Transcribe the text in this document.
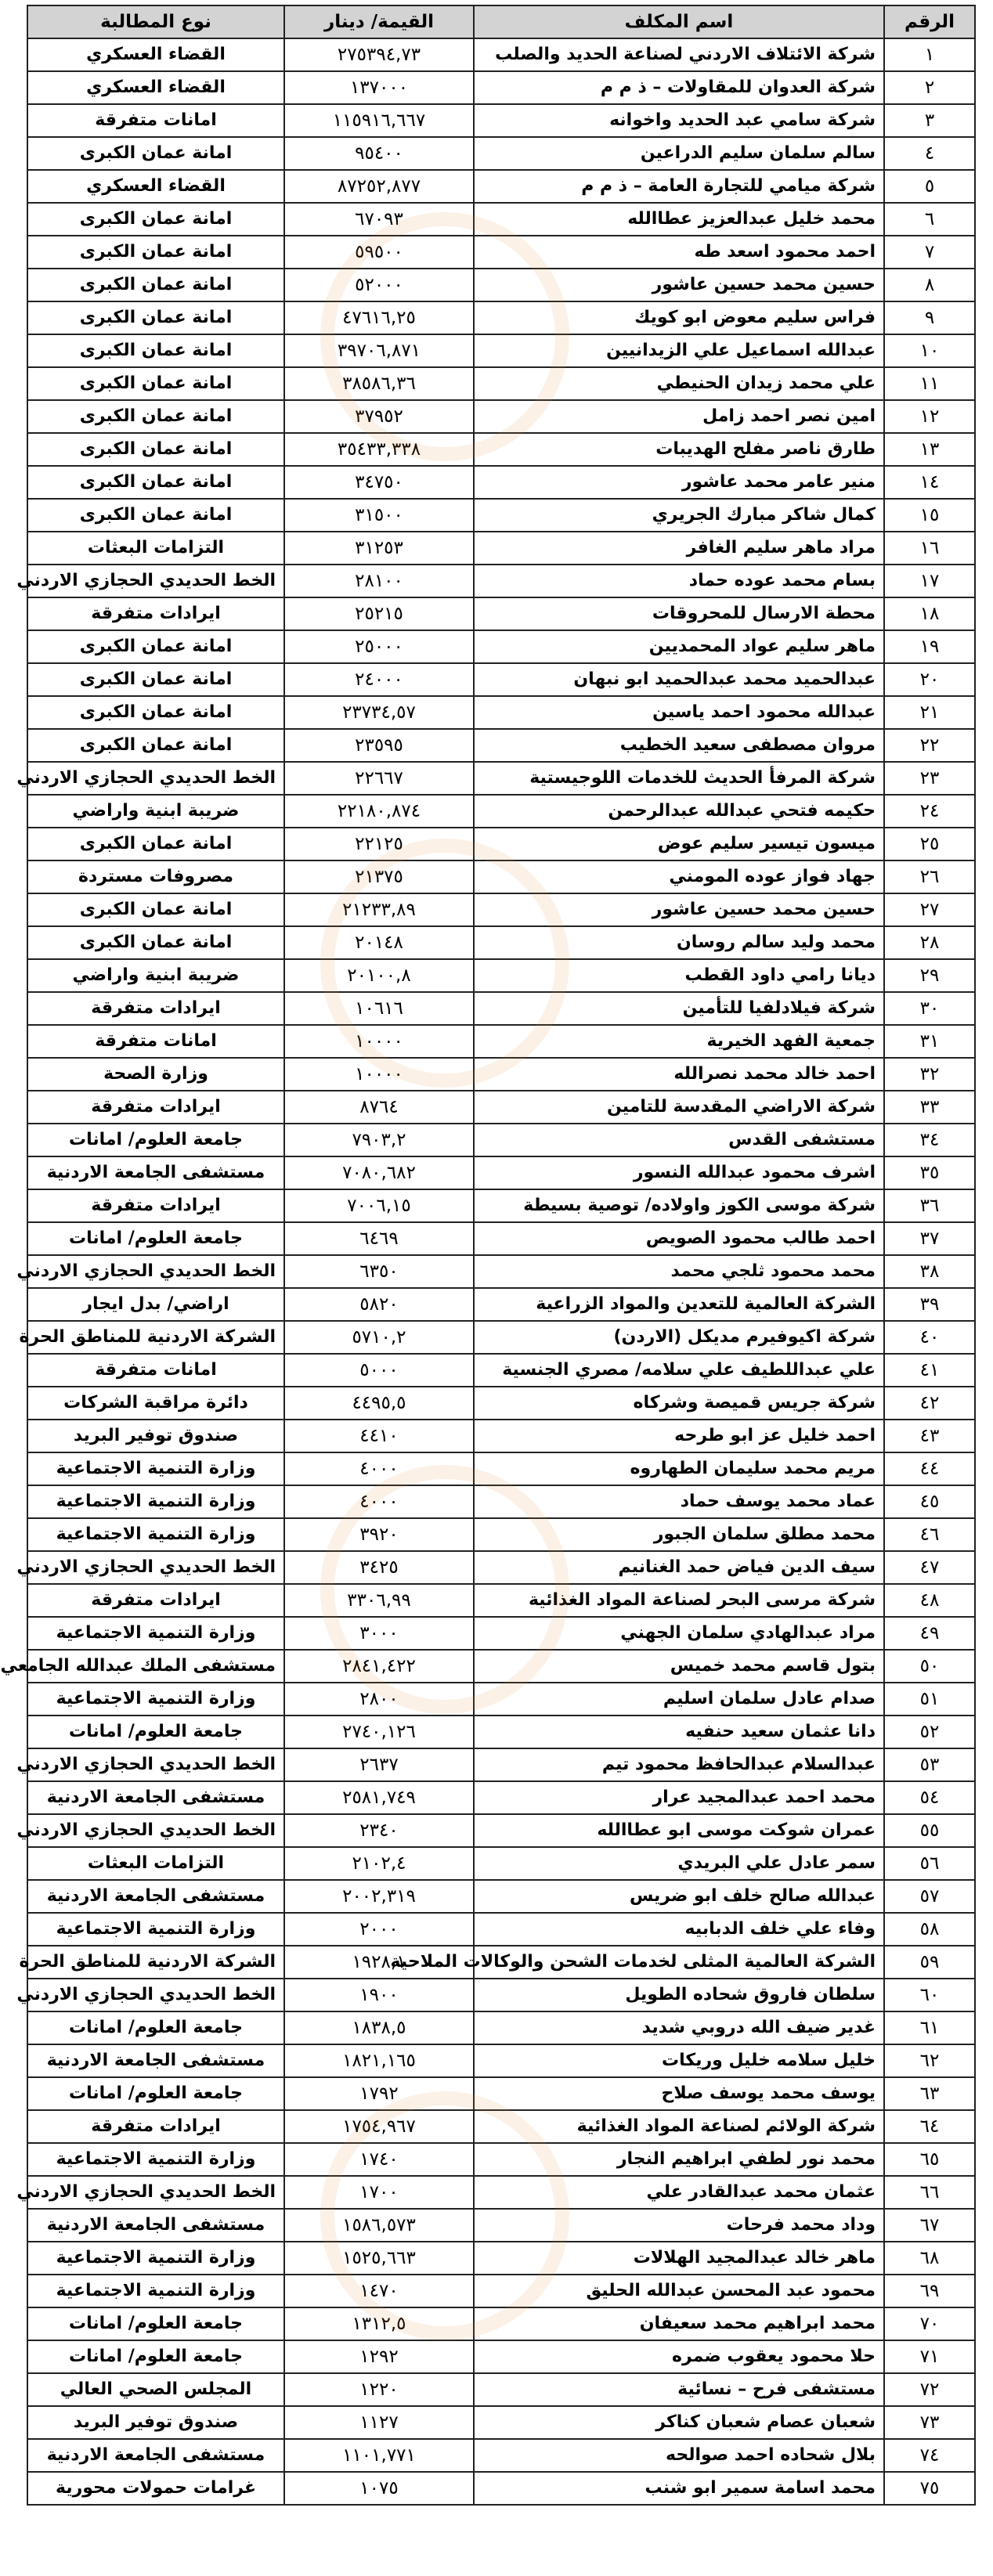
الرقم	اسم المكلف	القيمة/ دينار	نوع المطالبة
١	شركة الائتلاف الاردني لصناعة الحديد والصلب	٢٧٥٣٩٤,٧٣	القضاء العسكري
٢	شركة العدوان للمقاولات – ذ م م	١٣٧٠٠٠	القضاء العسكري
٣	شركة سامي عبد الحديد واخوانه	١١٥٩١٦,٦٦٧	امانات متفرقة
٤	سالم سلمان سليم الدراعين	٩٥٤٠٠	امانة عمان الكبرى
٥	شركة ميامي للتجارة العامة – ذ م م	٨٧٢٥٢,٨٧٧	القضاء العسكري
٦	محمد خليل عبدالعزيز عطاالله	٦٧٠٩٣	امانة عمان الكبرى
٧	احمد محمود اسعد طه	٥٩٥٠٠	امانة عمان الكبرى
٨	حسين محمد حسين عاشور	٥٢٠٠٠	امانة عمان الكبرى
٩	فراس سليم معوض ابو كويك	٤٧٦١٦,٢٥	امانة عمان الكبرى
١٠	عبدالله اسماعيل علي الزيدانيين	٣٩٧٠٦,٨٧١	امانة عمان الكبرى
١١	علي محمد زيدان الحنيطي	٣٨٥٨٦,٣٦	امانة عمان الكبرى
١٢	امين نصر احمد زامل	٣٧٩٥٢	امانة عمان الكبرى
١٣	طارق ناصر مفلح الهديبات	٣٥٤٣٣,٣٣٨	امانة عمان الكبرى
١٤	منير عامر محمد عاشور	٣٤٧٥٠	امانة عمان الكبرى
١٥	كمال شاكر مبارك الجريري	٣١٥٠٠	امانة عمان الكبرى
١٦	مراد ماهر سليم الغافر	٣١٢٥٣	التزامات البعثات
١٧	بسام محمد عوده حماد	٢٨١٠٠	الخط الحديدي الحجازي الاردني
١٨	محطة الارسال للمحروقات	٢٥٢١٥	ايرادات متفرقة
١٩	ماهر سليم عواد المحمديين	٢٥٠٠٠	امانة عمان الكبرى
٢٠	عبدالحميد محمد عبدالحميد ابو نبهان	٢٤٠٠٠	امانة عمان الكبرى
٢١	عبدالله محمود احمد ياسين	٢٣٧٣٤,٥٧	امانة عمان الكبرى
٢٢	مروان مصطفى سعيد الخطيب	٢٣٥٩٥	امانة عمان الكبرى
٢٣	شركة المرفأ الحديث للخدمات اللوجيستية	٢٢٦٦٧	الخط الحديدي الحجازي الاردني
٢٤	حكيمه فتحي عبدالله عبدالرحمن	٢٢١٨٠,٨٧٤	ضريبة ابنية واراضي
٢٥	ميسون تيسير سليم عوض	٢٢١٢٥	امانة عمان الكبرى
٢٦	جهاد فواز عوده المومني	٢١٣٧٥	مصروفات مستردة
٢٧	حسين محمد حسين عاشور	٢١٢٣٣,٨٩	امانة عمان الكبرى
٢٨	محمد وليد سالم روسان	٢٠١٤٨	امانة عمان الكبرى
٢٩	ديانا رامي داود القطب	٢٠١٠٠,٨	ضريبة ابنية واراضي
٣٠	شركة فيلادلفيا للتأمين	١٠٦١٦	ايرادات متفرقة
٣١	جمعية الفهد الخيرية	١٠٠٠٠	امانات متفرقة
٣٢	احمد خالد محمد نصرالله	١٠٠٠٠	وزارة الصحة
٣٣	شركة الاراضي المقدسة للتامين	٨٧٦٤	ايرادات متفرقة
٣٤	مستشفى القدس	٧٩٠٣,٢	جامعة العلوم/ امانات
٣٥	اشرف محمود عبدالله النسور	٧٠٨٠,٦٨٢	مستشفى الجامعة الاردنية
٣٦	شركة موسى الكوز واولاده/ توصية بسيطة	٧٠٠٦,١٥	ايرادات متفرقة
٣٧	احمد طالب محمود الصويص	٦٤٦٩	جامعة العلوم/ امانات
٣٨	محمد محمود ثلجي محمد	٦٣٥٠	الخط الحديدي الحجازي الاردني
٣٩	الشركة العالمية للتعدين والمواد الزراعية	٥٨٢٠	اراضي/ بدل ايجار
٤٠	شركة اكيوفيرم مديكل (الاردن)	٥٧١٠,٢	الشركة الاردنية للمناطق الحرة
٤١	علي عبداللطيف علي سلامه/ مصري الجنسية	٥٠٠٠	امانات متفرقة
٤٢	شركة جريس قميصة وشركاه	٤٤٩٥,٥	دائرة مراقبة الشركات
٤٣	احمد خليل عز ابو طرحه	٤٤١٠	صندوق توفير البريد
٤٤	مريم محمد سليمان الطهاروه	٤٠٠٠	وزارة التنمية الاجتماعية
٤٥	عماد محمد يوسف حماد	٤٠٠٠	وزارة التنمية الاجتماعية
٤٦	محمد مطلق سلمان الجبور	٣٩٢٠	وزارة التنمية الاجتماعية
٤٧	سيف الدين فياض حمد الغنانيم	٣٤٢٥	الخط الحديدي الحجازي الاردني
٤٨	شركة مرسى البحر لصناعة المواد الغذائية	٣٣٠٦,٩٩	ايرادات متفرقة
٤٩	مراد عبدالهادي سلمان الجهني	٣٠٠٠	وزارة التنمية الاجتماعية
٥٠	بتول قاسم محمد خميس	٢٨٤١,٤٢٢	مستشفى الملك عبدالله الجامعي
٥١	صدام عادل سلمان اسليم	٢٨٠٠	وزارة التنمية الاجتماعية
٥٢	دانا عثمان سعيد حنفيه	٢٧٤٠,١٢٦	جامعة العلوم/ امانات
٥٣	عبدالسلام عبدالحافظ محمود تيم	٢٦٣٧	الخط الحديدي الحجازي الاردني
٥٤	محمد احمد عبدالمجيد عرار	٢٥٨١,٧٤٩	مستشفى الجامعة الاردنية
٥٥	عمران شوكت موسى ابو عطاالله	٢٣٤٠	الخط الحديدي الحجازي الاردني
٥٦	سمر عادل علي البريدي	٢١٠٢,٤	التزامات البعثات
٥٧	عبدالله صالح خلف ابو ضريس	٢٠٠٢,٣١٩	مستشفى الجامعة الاردنية
٥٨	وفاء علي خلف الدبابيه	٢٠٠٠	وزارة التنمية الاجتماعية
٥٩	الشركة العالمية المثلى لخدمات الشحن والوكالات الملاحية	١٩٢٨,١	الشركة الاردنية للمناطق الحرة
٦٠	سلطان فاروق شحاده الطويل	١٩٠٠	الخط الحديدي الحجازي الاردني
٦١	غدير ضيف الله دروبي شديد	١٨٣٨,٥	جامعة العلوم/ امانات
٦٢	خليل سلامه خليل وريكات	١٨٢١,١٦٥	مستشفى الجامعة الاردنية
٦٣	يوسف محمد يوسف صلاح	١٧٩٢	جامعة العلوم/ امانات
٦٤	شركة الولائم لصناعة المواد الغذائية	١٧٥٤,٩٦٧	ايرادات متفرقة
٦٥	محمد نور لطفي ابراهيم النجار	١٧٤٠	وزارة التنمية الاجتماعية
٦٦	عثمان محمد عبدالقادر علي	١٧٠٠	الخط الحديدي الحجازي الاردني
٦٧	وداد محمد فرحات	١٥٨٦,٥٧٣	مستشفى الجامعة الاردنية
٦٨	ماهر خالد عبدالمجيد الهلالات	١٥٢٥,٦٦٣	وزارة التنمية الاجتماعية
٦٩	محمود عبد المحسن عبدالله الحليق	١٤٧٠	وزارة التنمية الاجتماعية
٧٠	محمد ابراهيم محمد سعيفان	١٣١٢,٥	جامعة العلوم/ امانات
٧١	حلا محمود يعقوب ضمره	١٢٩٢	جامعة العلوم/ امانات
٧٢	مستشفى فرح – نسائية	١٢٢٠	المجلس الصحي العالي
٧٣	شعبان عصام شعبان كناكر	١١٢٧	صندوق توفير البريد
٧٤	بلال شحاده احمد صوالحه	١١٠١,٧٧١	مستشفى الجامعة الاردنية
٧٥	محمد اسامة سمير ابو شنب	١٠٧٥	غرامات حمولات محورية
